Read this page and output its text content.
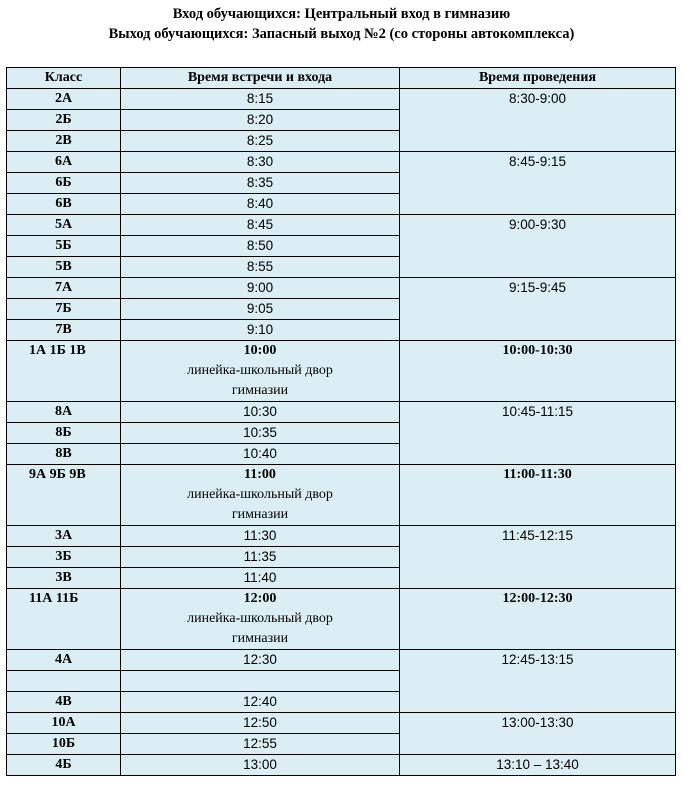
Вход обучающихся: Центральный вход в гимназию
Выход обучающихся: Запасный выход №2 (со стороны автокомплекса)
Класс	Время встречи и входа	Время проведения
2А	8:15	8:30-9:00
2Б	8:20	
2В	8:25	
6А	8:30	8:45-9:15
6Б	8:35	
6В	8:40	
5А	8:45	9:00-9:30
5Б	8:50	
5В	8:55	
7А	9:00	9:15-9:45
7Б	9:05	
7В	9:10	
1А 1Б 1В	10:00
линейка-школьный двор
гимназии	10:00-10:30
8А	10:30	10:45-11:15
8Б	10:35	
8В	10:40	
9А 9Б 9В	11:00
линейка-школьный двор
гимназии	11:00-11:30
3А	11:30	11:45-12:15
3Б	11:35	
3В	11:40	
11А 11Б	12:00
линейка-школьный двор
гимназии	12:00-12:30
4А	12:30	12:45-13:15

4В	12:40	
10А	12:50	13:00-13:30
10Б	12:55	
4Б	13:00	13:10 – 13:40
